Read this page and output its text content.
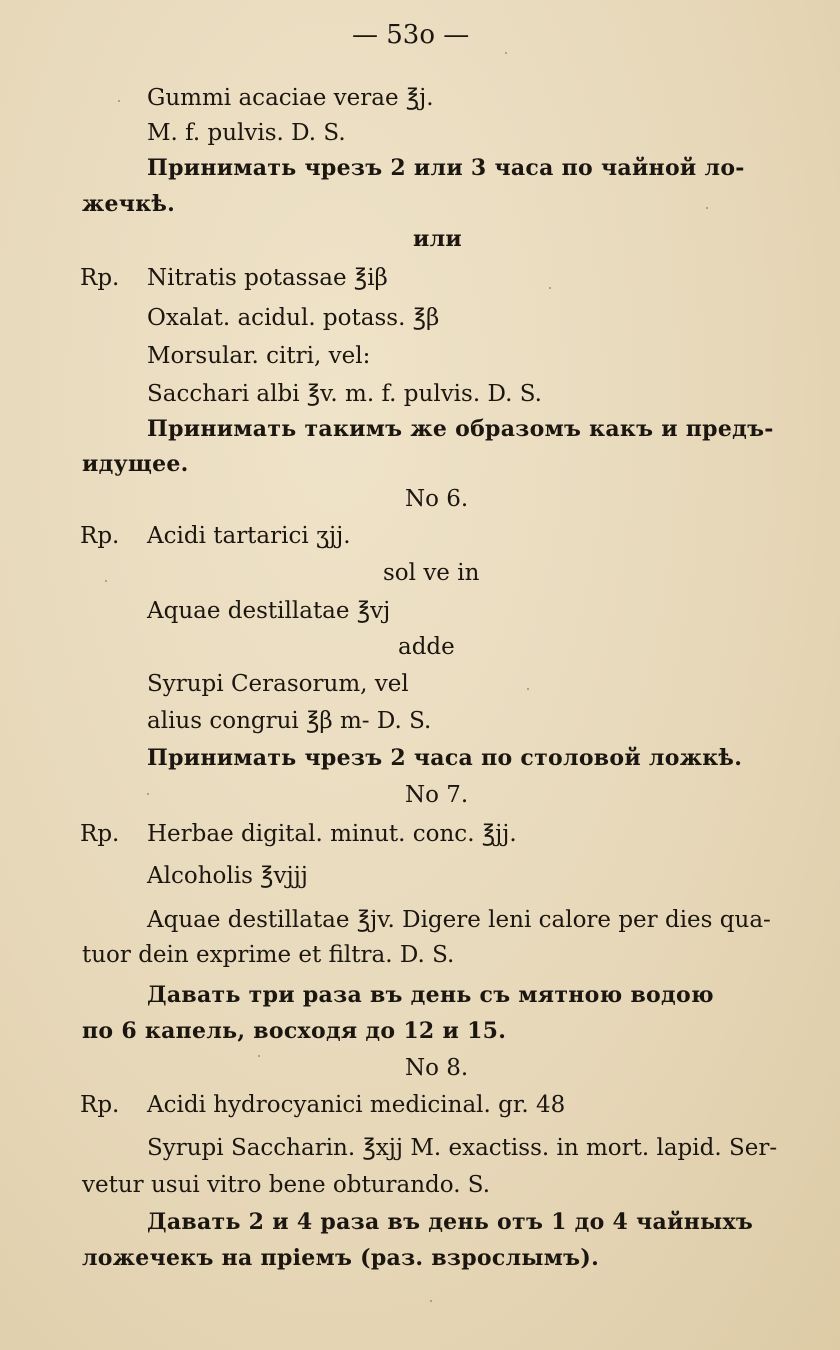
— 53о —
Gummi acaciae verae ℥j.
M. f. pulvis. D. S.
Принимать чрезъ 2 или 3 часа по чайной ло-
жечкѣ.
или
Rp. Nitratis potassae ℥iβ
Oxalat. acidul. potass. ℥β
Morsular. citri, vel:
Sacchari albi ℥v. m. f. pulvis. D. S.
Принимать такимъ же образомъ какъ и предъ-
идущее.
No 6.
Rp. Acidi tartarici ʒjj.
sol ve in
Aquae destillatae ℥vj
adde
Syrupi Cerasorum, vel
alius congrui ℥β m- D. S.
Принимать чрезъ 2 часа по столовой ложкѣ.
No 7.
Rp. Herbae digital. minut. conc. ℥jj.
Alcoholis ℥vjjj
Aquae destillatae ℥jv. Digere leni calore per dies qua-
tuor dein exprime et filtra. D. S.
Давать три раза въ день съ мятною водою
по 6 капель, восходя до 12 и 15.
No 8.
Rp. Acidi hydrocyanici medicinal. gr. 48
Syrupi Saccharin. ℥xjj M. exactiss. in mort. lapid. Ser-
vetur usui vitro bene obturando. S.
Давать 2 и 4 раза въ день отъ 1 до 4 чайныхъ
ложечекъ на пріемъ (раз. взрослымъ).
